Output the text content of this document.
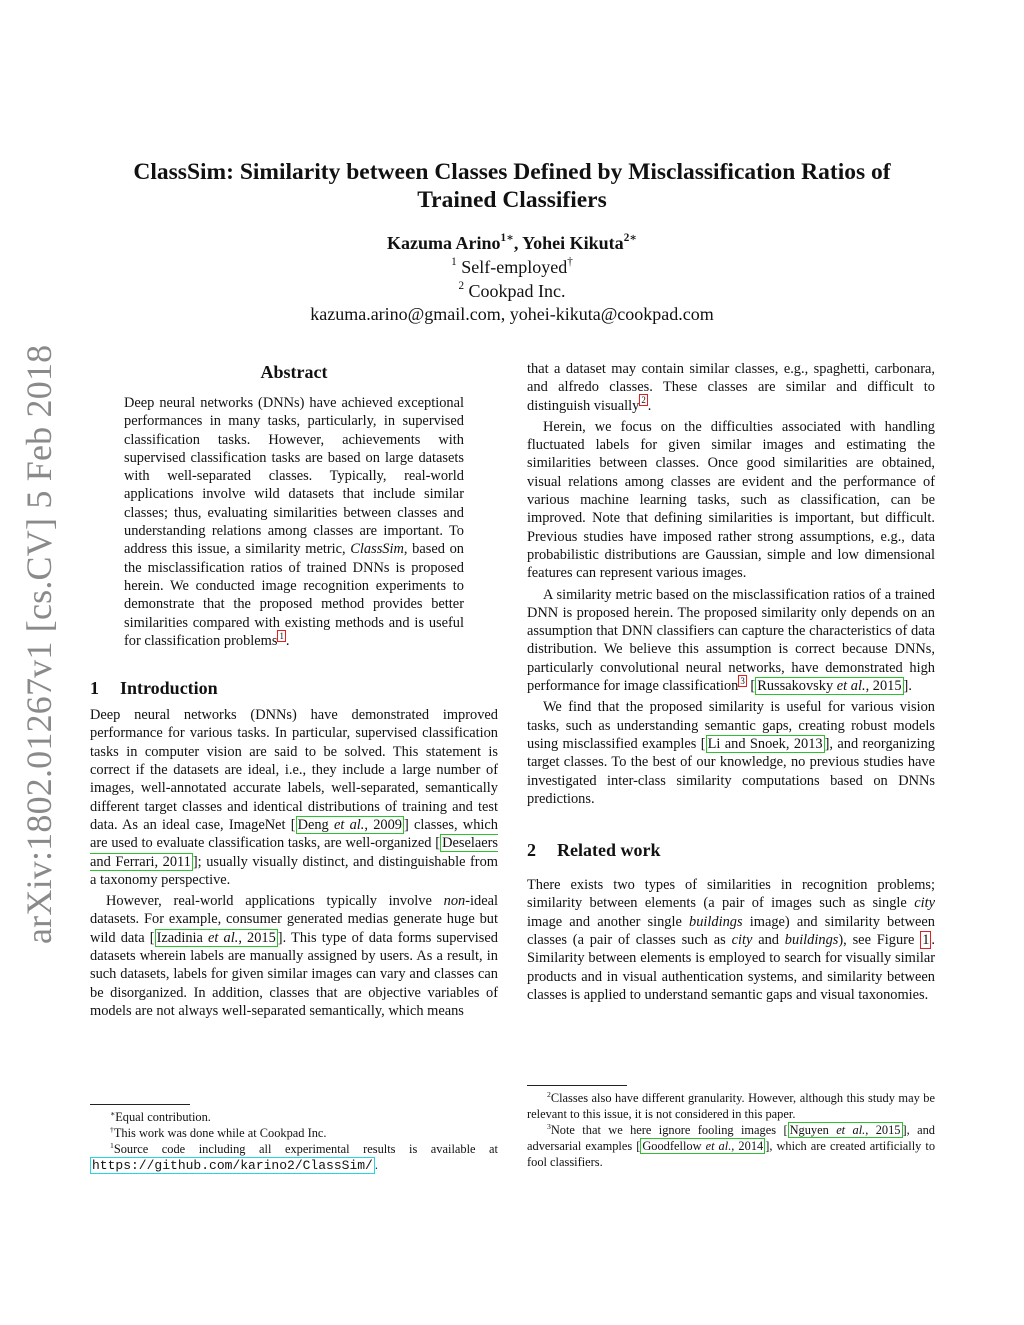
arXiv:1802.01267v1 [cs.CV] 5 Feb 2018
ClassSim: Similarity between Classes Defined by Misclassification Ratios of Trained Classifiers
Kazuma Arino$^{1∗}$, Yohei Kikuta$^{2∗}$
$^1$ Self-employed†
$^2$ Cookpad Inc.
kazuma.arino@gmail.com, yohei-kikuta@cookpad.com
Abstract

Deep neural networks (DNNs) have achieved exceptional performances in many tasks, particularly, in supervised classification tasks. However, achievements with supervised classification tasks are based on large datasets with well-separated classes. Typically, real-world applications involve wild datasets that include similar classes; thus, evaluating similarities between classes and understanding relations among classes are important. To address this issue, a similarity metric, ClassSim, based on the misclassification ratios of trained DNNs is proposed herein. We conducted image recognition experiments to demonstrate that the proposed method provides better similarities compared with existing methods and is useful for classification problems $^1$ .

1 Introduction

Deep neural networks (DNNs) have demonstrated improved performance for various tasks. In particular, supervised classification tasks in computer vision are said to be solved. This statement is correct if the datasets are ideal, i.e., they include a large number of images, well-annotated accurate labels, well-separated, semantically different target classes and identical distributions of training and test data. As an ideal case, ImageNet [ Deng et al., 2009 ] classes, which are used to evaluate classification tasks, are well-organized [ Deselaers and Ferrari, 2011 ]; usually visually distinct, and distinguishable from a taxonomy perspective.

However, real-world applications typically involve non-ideal datasets. For example, consumer generated medias generate huge but wild data [ Izadinia et al., 2015 ]. This type of data forms supervised datasets wherein labels are manually assigned by users. As a result, in such datasets, labels for given similar images can vary and classes can be disorganized. In addition, classes that are objective variables of models are not always well-separated semantically, which means

∗Equal contribution.

†This work was done while at Cookpad Inc.

$^1$Source code including all experimental results is available at https://github.com/karino2/ClassSim/ .

that a dataset may contain similar classes, e.g., spaghetti, carbonara, and alfredo classes. These classes are similar and difficult to distinguish visually $^2$ .

Herein, we focus on the difficulties associated with handling fluctuated labels for given similar images and estimating the similarities between classes. Once good similarities are obtained, visual relations among classes are evident and the performance of various machine learning tasks, such as classification, can be improved. Note that defining similarities is important, but difficult. Previous studies have imposed rather strong assumptions, e.g., data probabilistic distributions are Gaussian, simple and low dimensional features can represent various images.

A similarity metric based on the misclassification ratios of a trained DNN is proposed herein. The proposed similarity only depends on an assumption that DNN classifiers can capture the characteristics of data distribution. We believe this assumption is correct because DNNs, particularly convolutional neural networks, have demonstrated high performance for image classification $^3$ [ Russakovsky et al., 2015 ].

We find that the proposed similarity is useful for various vision tasks, such as understanding semantic gaps, creating robust models using misclassified examples [ Li and Snoek, 2013 ], and reorganizing target classes. To the best of our knowledge, no previous studies have investigated inter-class similarity computations based on DNNs predictions.

2 Related work

There exists two types of similarities in recognition problems; similarity between elements (a pair of images such as single city image and another single buildings image) and similarity between classes (a pair of classes such as city and buildings), see Figure 1 . Similarity between elements is employed to search for visually similar products and in visual authentication systems, and similarity between classes is applied to understand semantic gaps and visual taxonomies.

$^2$Classes also have different granularity. However, although this study may be relevant to this issue, it is not considered in this paper.

$^3$Note that we here ignore fooling images [ Nguyen et al., 2015 ], and adversarial examples [ Goodfellow et al., 2014 ], which are created artificially to fool classifiers.
